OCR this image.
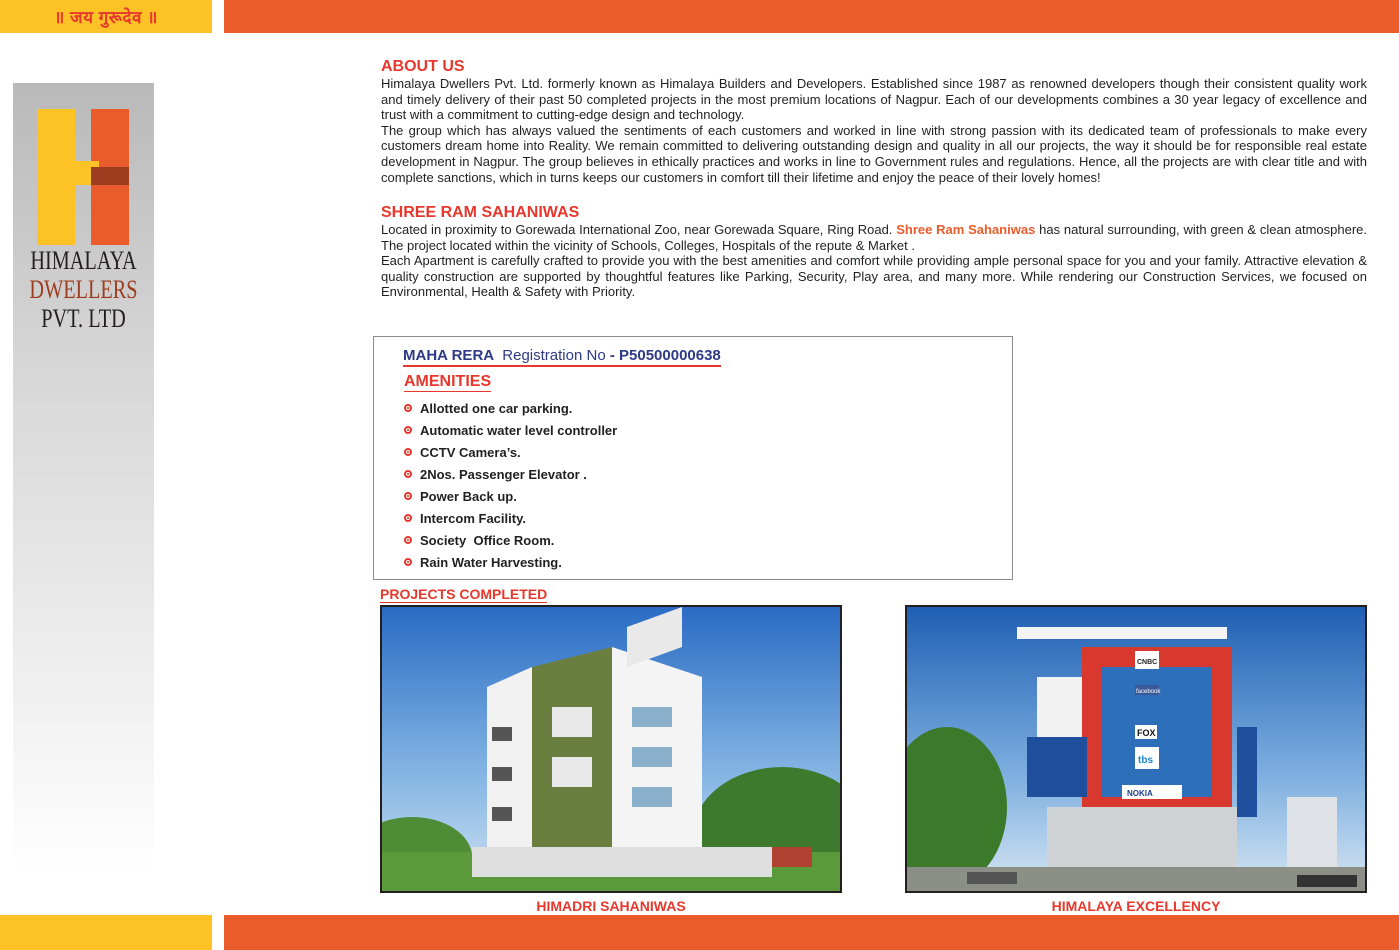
॥ जय गुरूदेव ॥
HIMALAYA
DWELLERS
PVT. LTD
ABOUT US

Himalaya Dwellers Pvt. Ltd. formerly known as Himalaya Builders and Developers. Established since 1987 as renowned developers though their consistent quality work and timely delivery of their past 50 completed projects in the most premium locations of Nagpur. Each of our developments combines a 30 year legacy of excellence and trust with a commitment to cutting-edge design and technology.

The group which has always valued the sentiments of each customers and worked in line with strong passion with its dedicated team of professionals to make every customers dream home into Reality. We remain committed to delivering outstanding design and quality in all our projects, the way it should be for responsible real estate development in Nagpur. The group believes in ethically practices and works in line to Government rules and regulations. Hence, all the projects are with clear title and with complete sanctions, which in turns keeps our customers in comfort till their lifetime and enjoy the peace of their lovely homes!

SHREE RAM SAHANIWAS

Located in proximity to Gorewada International Zoo, near Gorewada Square, Ring Road. Shree Ram Sahaniwas has natural surrounding, with green & clean atmosphere. The project located within the vicinity of Schools, Colleges, Hospitals of the repute & Market .

Each Apartment is carefully crafted to provide you with the best amenities and comfort while providing ample personal space for you and your family. Attractive elevation & quality construction are supported by thoughtful features like Parking, Security, Play area, and many more. While rendering our Construction Services, we focused on Environmental, Health & Safety with Priority.

MAHA RERA Registration No - P50500000638
AMENITIES
Allotted one car parking.
Automatic water level controller
CCTV Camera’s.
2Nos. Passenger Elevator .
Power Back up.
Intercom Facility.
Society  Office Room.
Rain Water Harvesting.
PROJECTS COMPLETED
CNBC
facebook
FOX
tbs
NOKIA
HIMADRI SAHANIWAS	HIMALAYA EXCELLENCY
